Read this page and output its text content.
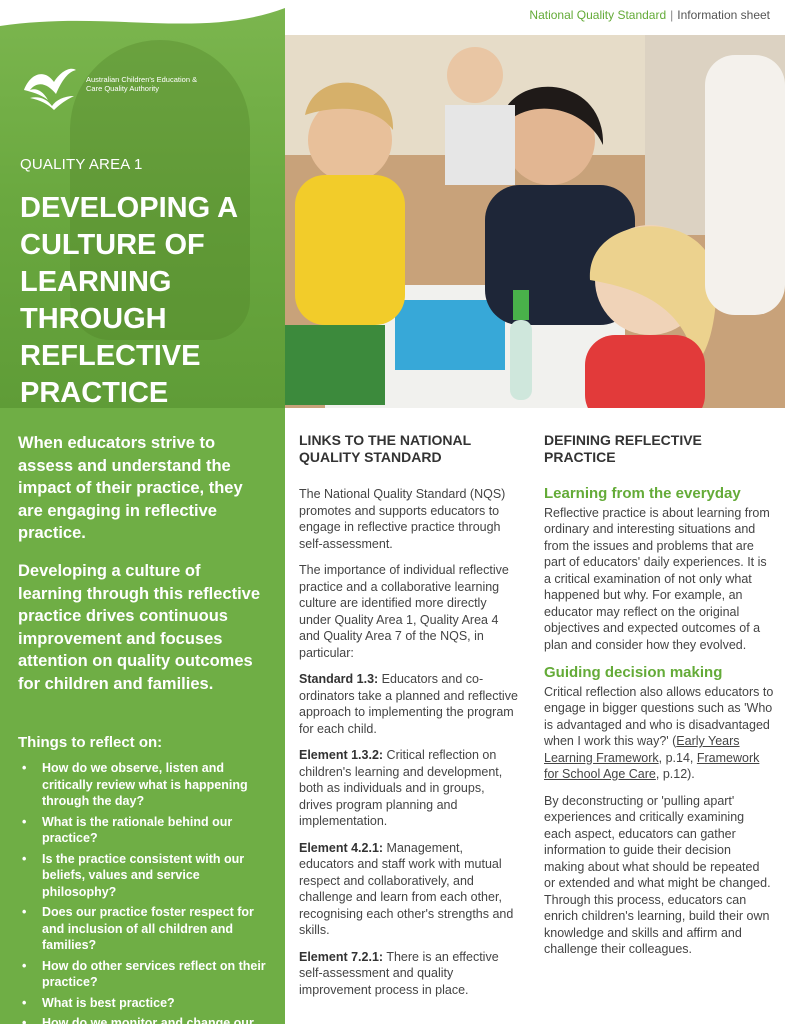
Australian Children's Education & Care Quality Authority
QUALITY AREA 1
DEVELOPING A CULTURE OF LEARNING THROUGH REFLECTIVE PRACTICE
National Quality Standard | Information sheet
When educators strive to assess and understand the impact of their practice, they are engaging in reflective practice.
Developing a culture of learning through this reflective practice drives continuous improvement and focuses attention on quality outcomes for children and families.
Things to reflect on:
• How do we observe, listen and critically review what is happening through the day?
• What is the rationale behind our practice?
• Is the practice consistent with our beliefs, values and service philosophy?
• Does our practice foster respect for and inclusion of all children and families?
• How do other services reflect on their practice?
• What is best practice?
• How do we monitor and change our
LINKS TO THE NATIONAL QUALITY STANDARD

The National Quality Standard (NQS) promotes and supports educators to engage in reflective practice through self-assessment.

The importance of individual reflective practice and a collaborative learning culture are identified more directly under Quality Area 1, Quality Area 4 and Quality Area 7 of the NQS, in particular:

Standard 1.3: Educators and co-ordinators take a planned and reflective approach to implementing the program for each child.

Element 1.3.2: Critical reflection on children's learning and development, both as individuals and in groups, drives program planning and implementation.

Element 4.2.1: Management, educators and staff work with mutual respect and collaboratively, and challenge and learn from each other, recognising each other's strengths and skills.

Element 7.2.1: There is an effective self-assessment and quality improvement process in place.

DEFINING REFLECTIVE PRACTICE
Learning from the everyday

Reflective practice is about learning from ordinary and interesting situations and from the issues and problems that are part of educators' daily experiences. It is a critical examination of not only what happened but why. For example, an educator may reflect on the original objectives and expected outcomes of a plan and consider how they evolved.

Guiding decision making

Critical reflection also allows educators to engage in bigger questions such as 'Who is advantaged and who is disadvantaged when I work this way?' (Early Years Learning Framework, p.14, Framework for School Age Care, p.12).

By deconstructing or 'pulling apart' experiences and critically examining each aspect, educators can gather information to guide their decision making about what should be repeated or extended and what might be changed. Through this process, educators can enrich children's learning, build their own knowledge and skills and affirm and challenge their colleagues.
